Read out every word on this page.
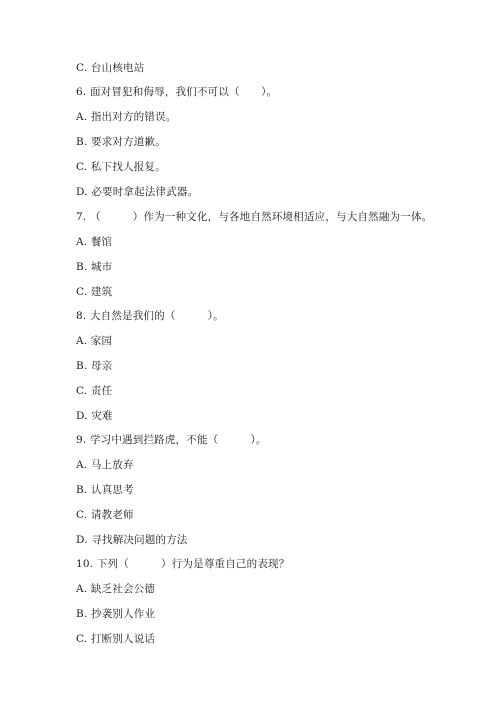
C. 台山核电站
6. 面对冒犯和侮辱，我们不可以（　　）。
A. 指出对方的错误。
B. 要求对方道歉。
C. 私下找人报复。
D. 必要时拿起法律武器。
7. （　　　）作为一种文化，与各地自然环境相适应，与大自然融为一体。
A. 餐馆
B. 城市
C. 建筑
8. 大自然是我们的（　　　）。
A. 家园
B. 母亲
C. 责任
D. 灾难
9. 学习中遇到拦路虎，不能（　　　）。
A. 马上放弃
B. 认真思考
C. 请教老师
D. 寻找解决问题的方法
10. 下列（　　　）行为是尊重自己的表现？
A. 缺乏社会公德
B. 抄袭别人作业
C. 打断别人说话
